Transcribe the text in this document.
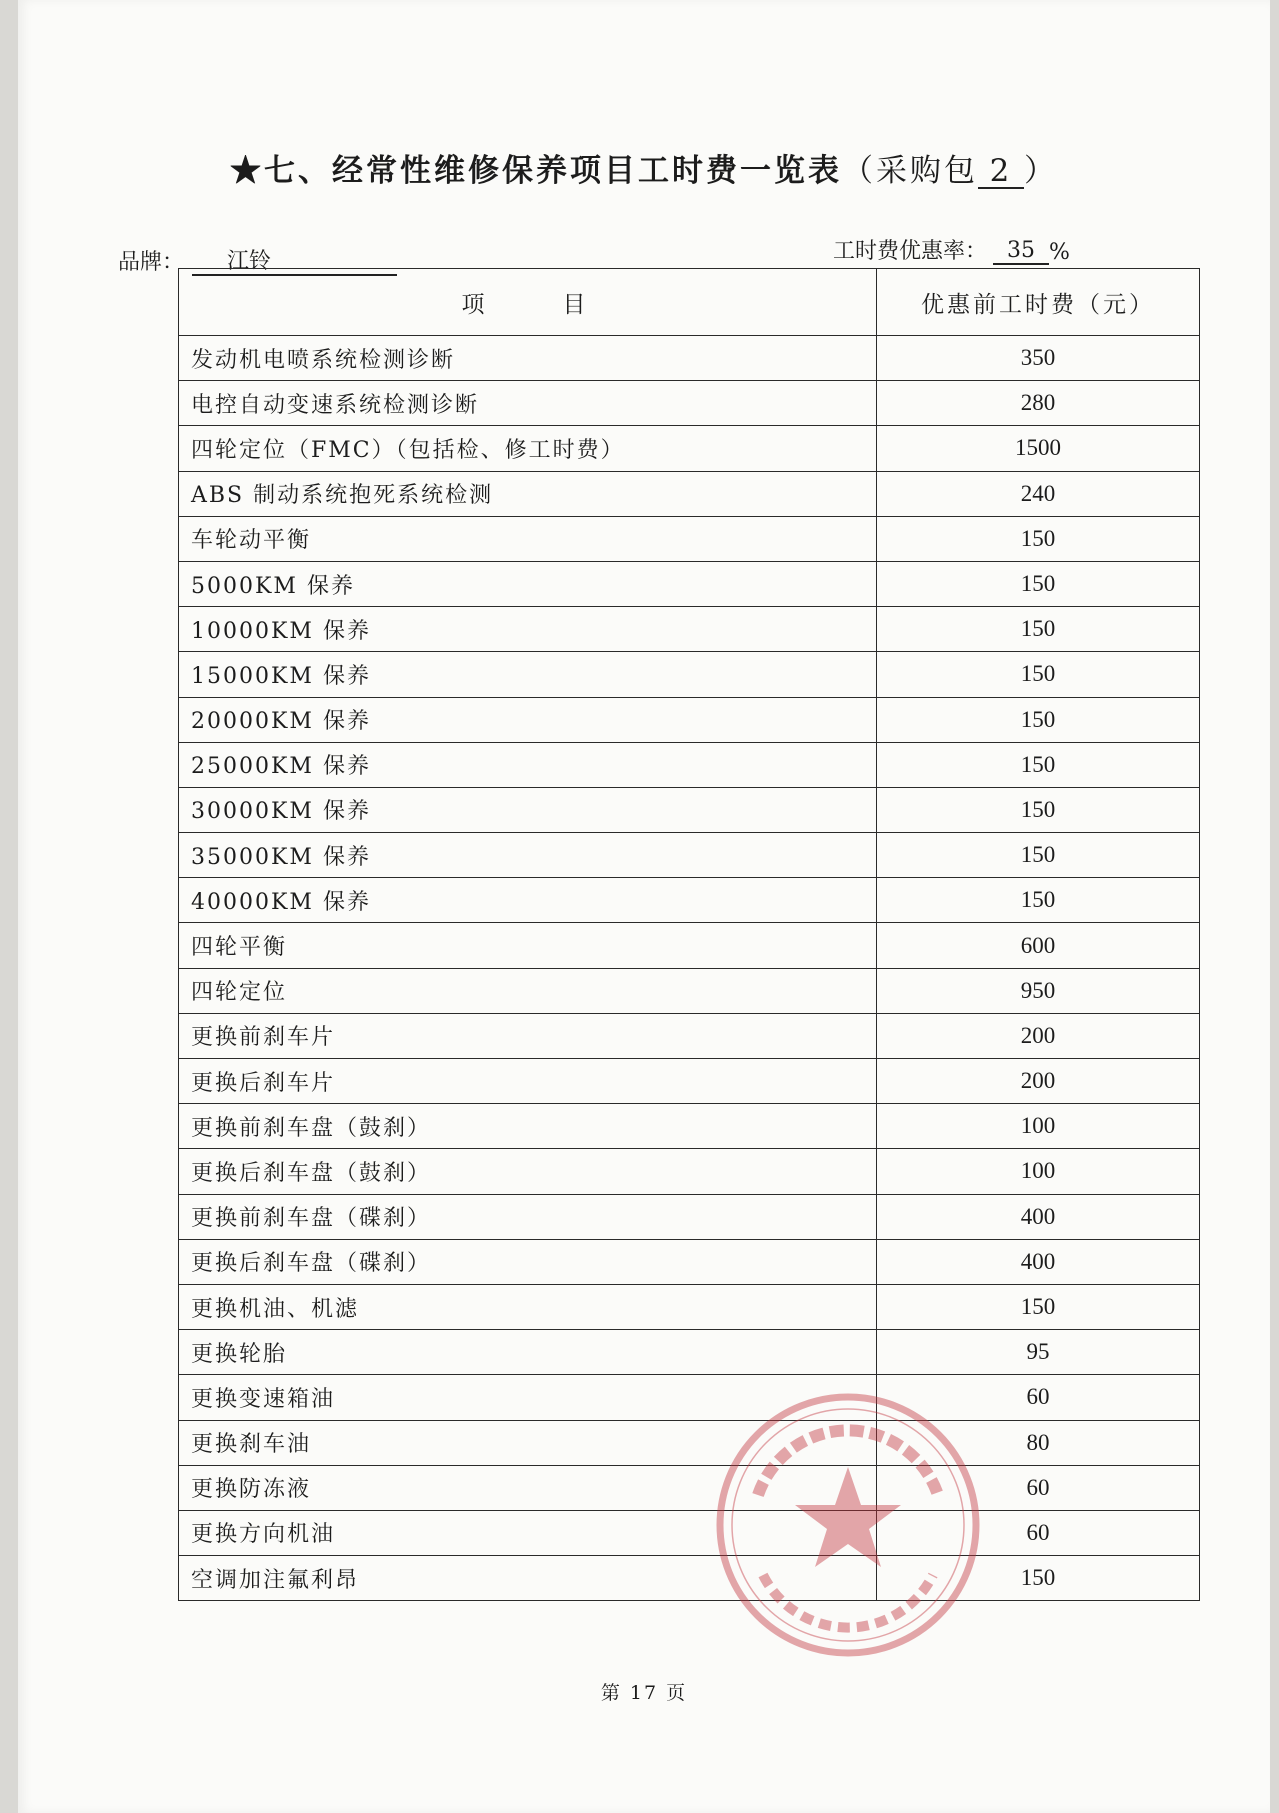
★七、经常性维修保养项目工时费一览表（采购包 2 ）
品牌：	江铃	工时费优惠率： 35 %
项目	优惠前工时费（元）
发动机电喷系统检测诊断	350
电控自动变速系统检测诊断	280
四轮定位（FMC）（包括检、修工时费）	1500
ABS 制动系统抱死系统检测	240
车轮动平衡	150
5000KM 保养	150
10000KM 保养	150
15000KM 保养	150
20000KM 保养	150
25000KM 保养	150
30000KM 保养	150
35000KM 保养	150
40000KM 保养	150
四轮平衡	600
四轮定位	950
更换前刹车片	200
更换后刹车片	200
更换前刹车盘（鼓刹）	100
更换后刹车盘（鼓刹）	100
更换前刹车盘（碟刹）	400
更换后刹车盘（碟刹）	400
更换机油、机滤	150
更换轮胎	95
更换变速箱油	60
更换刹车油	80
更换防冻液	60
更换方向机油	60
空调加注氟利昂	150
第 17 页
